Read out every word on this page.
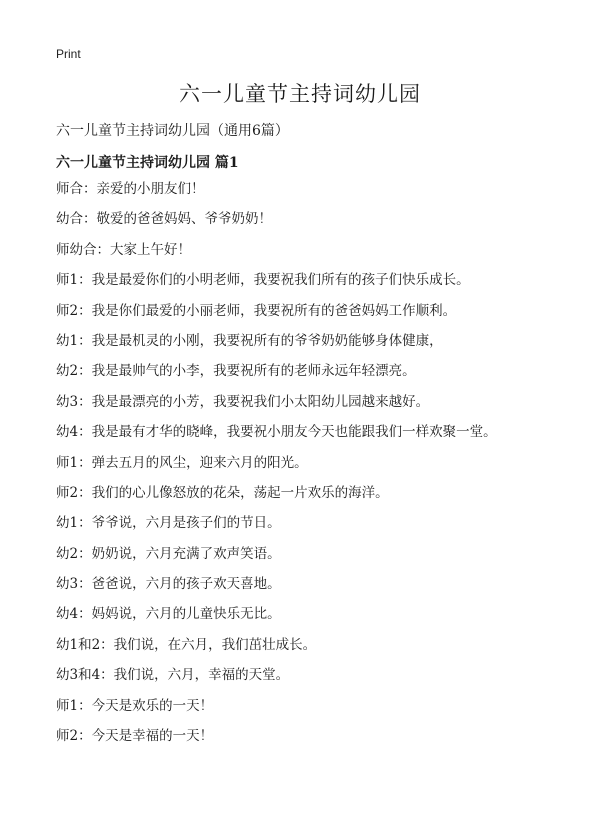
Print
六一儿童节主持词幼儿园

六一儿童节主持词幼儿园（通用6篇）

六一儿童节主持词幼儿园 篇1

师合：亲爱的小朋友们！
幼合：敬爱的爸爸妈妈、爷爷奶奶！
师幼合：大家上午好！
师1：我是最爱你们的小明老师，我要祝我们所有的孩子们快乐成长。
师2：我是你们最爱的小丽老师，我要祝所有的爸爸妈妈工作顺利。
幼1：我是最机灵的小刚，我要祝所有的爷爷奶奶能够身体健康，
幼2：我是最帅气的小李，我要祝所有的老师永远年轻漂亮。
幼3：我是最漂亮的小芳，我要祝我们小太阳幼儿园越来越好。
幼4：我是最有才华的晓峰，我要祝小朋友今天也能跟我们一样欢聚一堂。
师1：弹去五月的风尘，迎来六月的阳光。
师2：我们的心儿像怒放的花朵，荡起一片欢乐的海洋。
幼1：爷爷说，六月是孩子们的节日。
幼2：奶奶说，六月充满了欢声笑语。
幼3：爸爸说，六月的孩子欢天喜地。
幼4：妈妈说，六月的儿童快乐无比。
幼1和2：我们说，在六月，我们茁壮成长。
幼3和4：我们说，六月，幸福的天堂。
师1：今天是欢乐的一天！
师2：今天是幸福的一天！
